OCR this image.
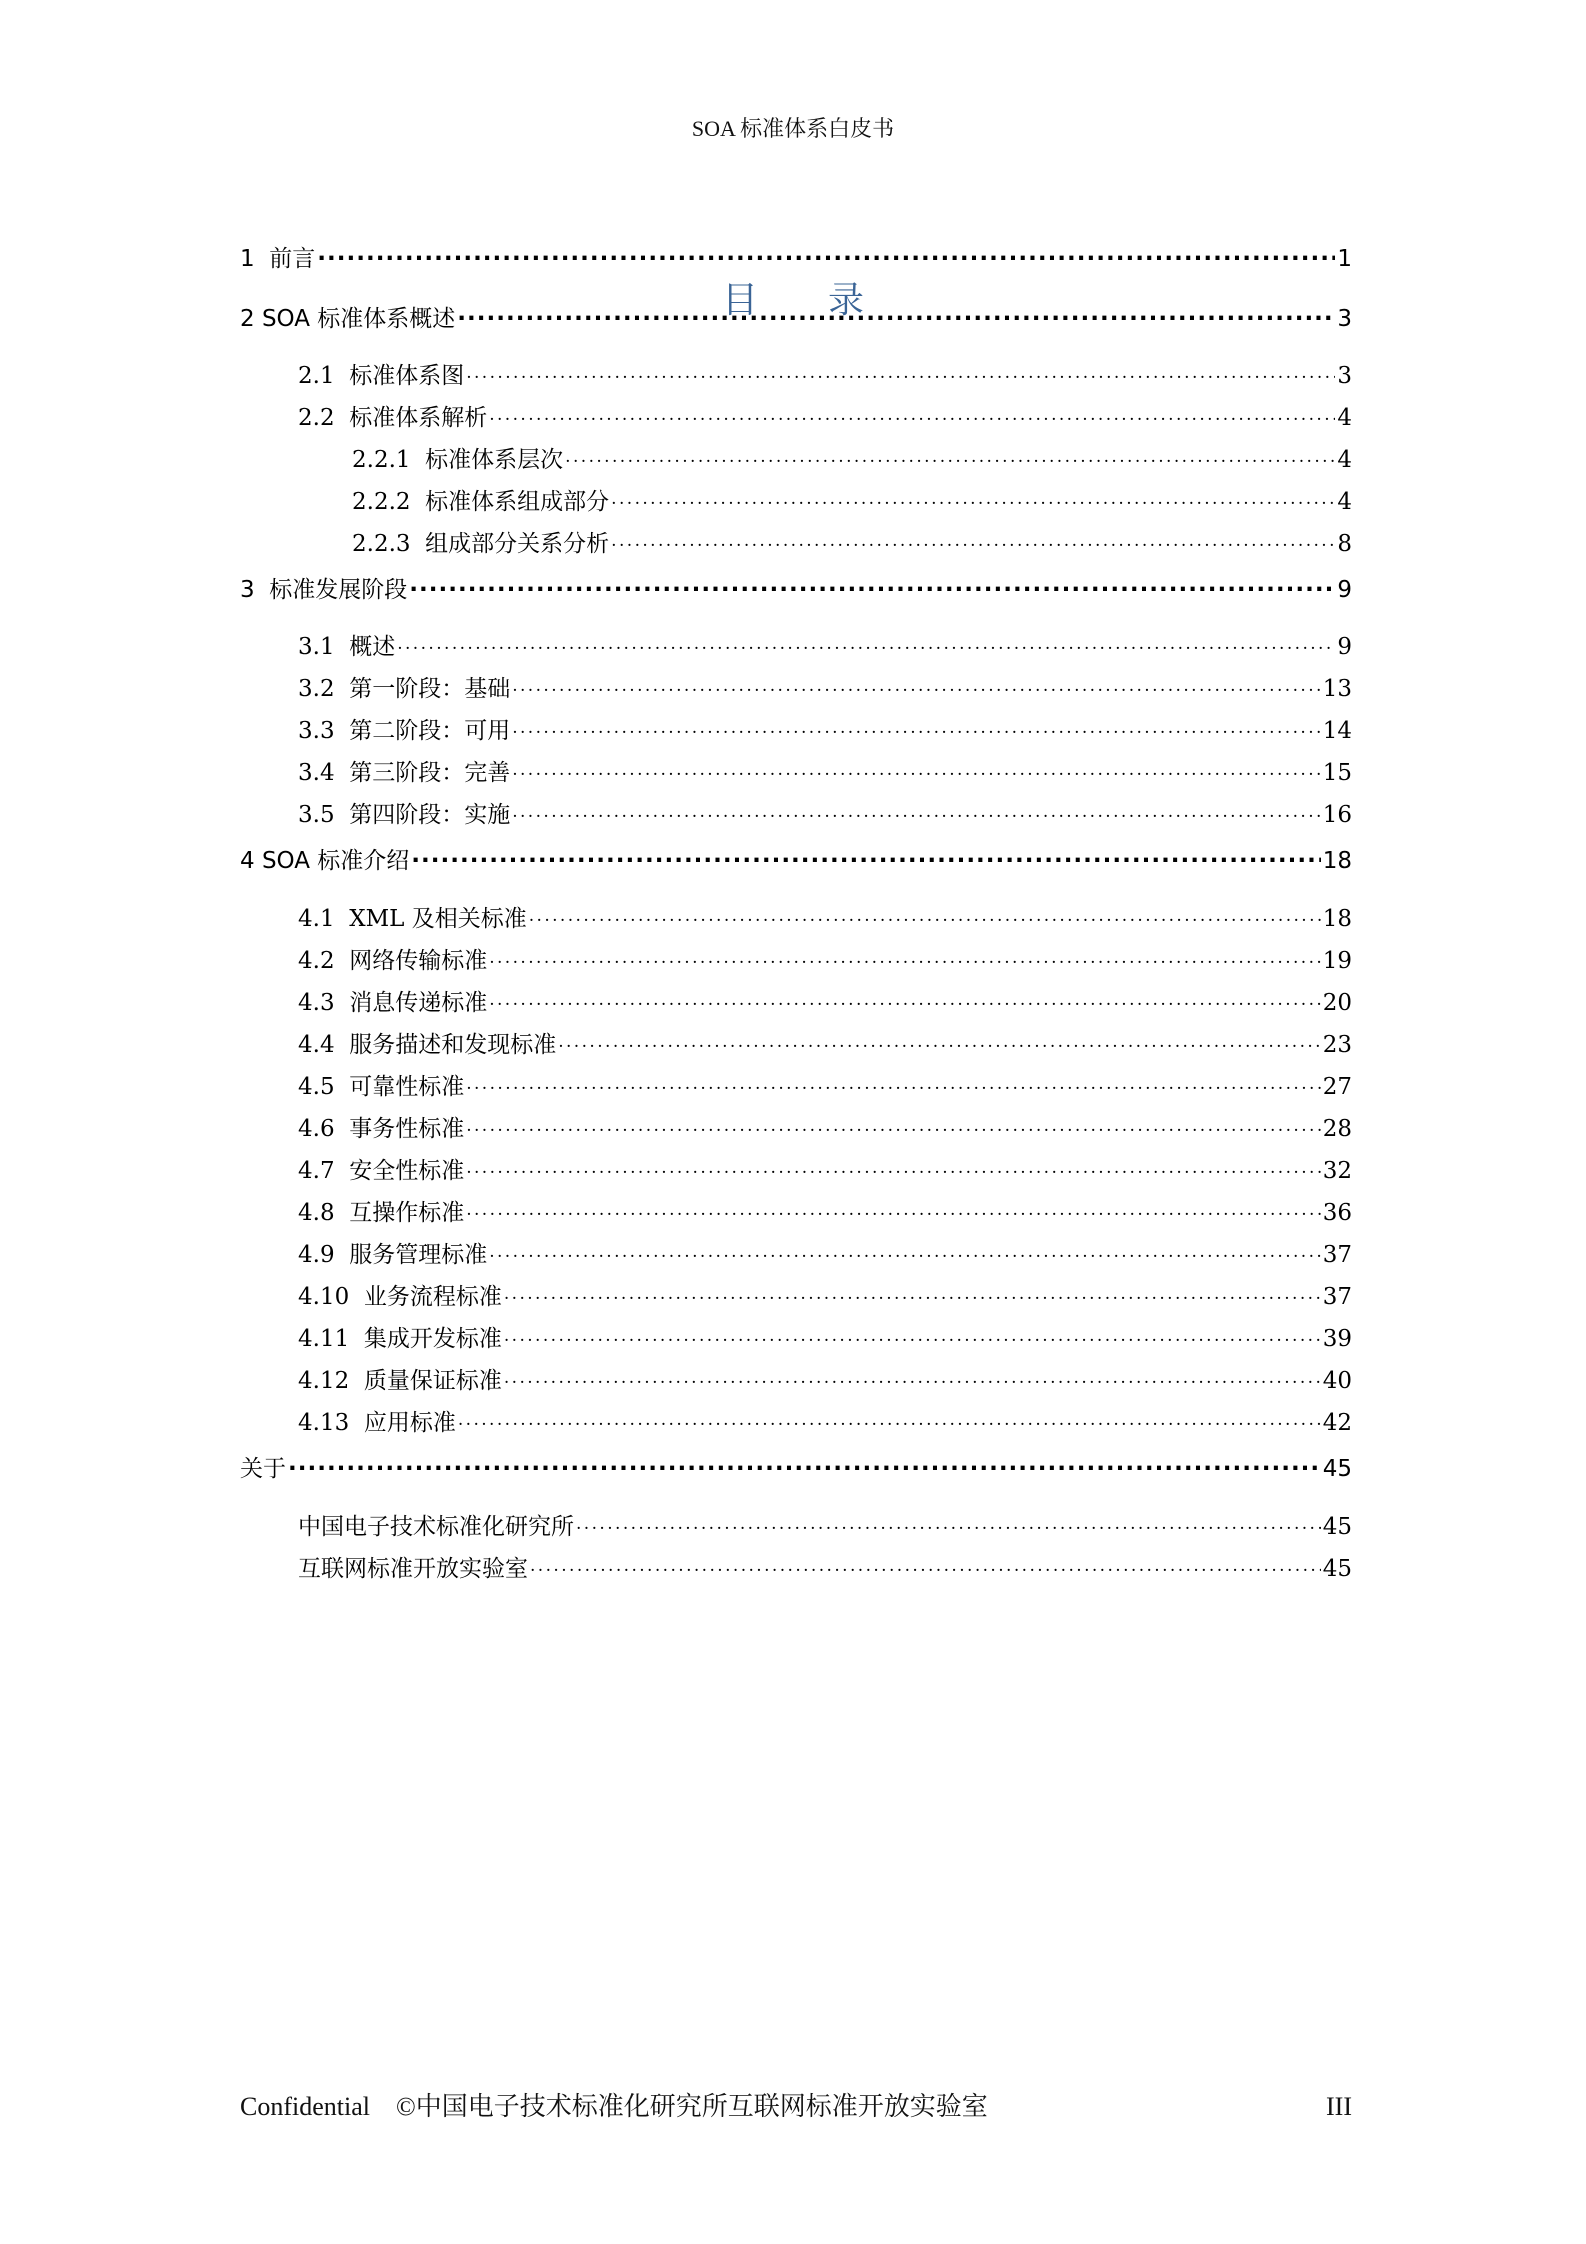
SOA 标准体系白皮书
目 录
1 前言 .....	1
2 SOA 标准体系概述 .....	3
2.1 标准体系图 .....	3
2.2 标准体系解析 .....	4
2.2.1 标准体系层次 .....	4
2.2.2 标准体系组成部分 .....	4
2.2.3 组成部分关系分析 .....	8
3 标准发展阶段 .....	9
3.1 概述 .....	9
3.2 第一阶段：基础 .....	13
3.3 第二阶段：可用 .....	14
3.4 第三阶段：完善 .....	15
3.5 第四阶段：实施 .....	16
4 SOA 标准介绍 .....	18
4.1 XML 及相关标准 .....	18
4.2 网络传输标准 .....	19
4.3 消息传递标准 .....	20
4.4 服务描述和发现标准 .....	23
4.5 可靠性标准 .....	27
4.6 事务性标准 .....	28
4.7 安全性标准 .....	32
4.8 互操作标准 .....	36
4.9 服务管理标准 .....	37
4.10 业务流程标准 .....	37
4.11 集成开发标准 .....	39
4.12 质量保证标准 .....	40
4.13 应用标准 .....	42
关于 .....	45
中国电子技术标准化研究所 .....	45
互联网标准开放实验室 .....	45
Confidential ©中国电子技术标准化研究所互联网标准开放实验室	III
